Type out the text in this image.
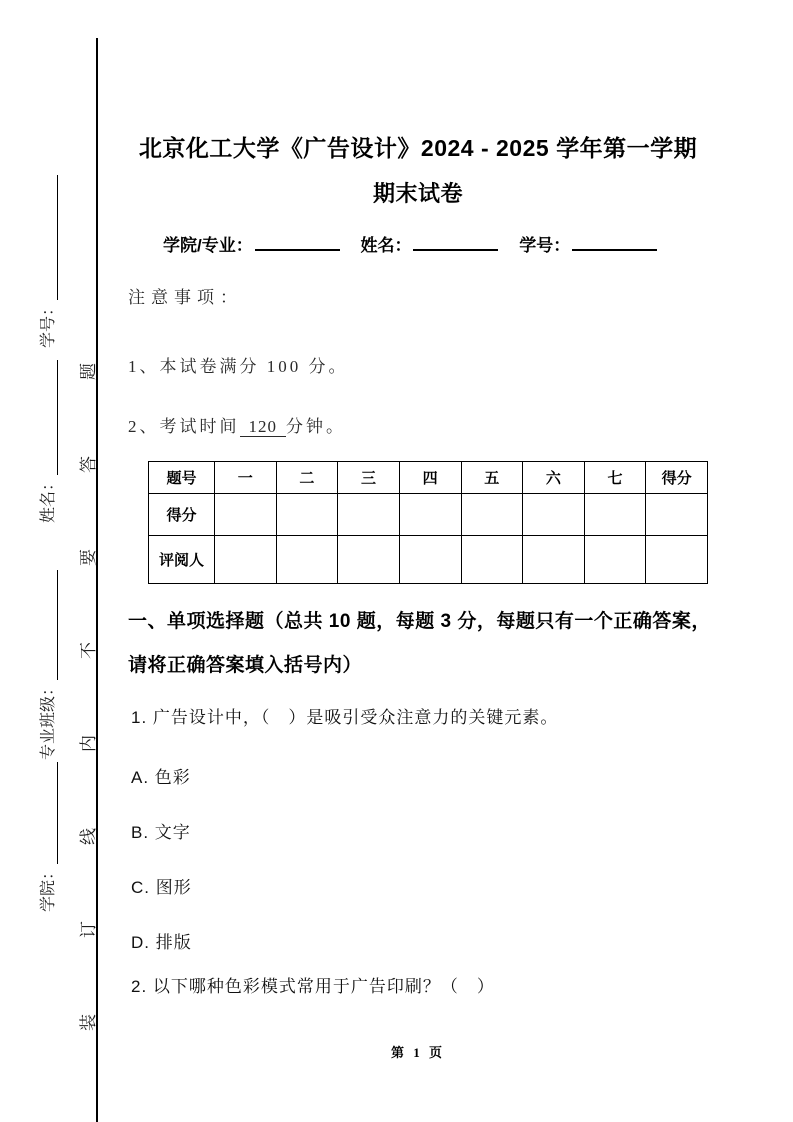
学院：
专业班级：
姓名：
学号： 装订线内不要答题
北京化工大学《广告设计》2024 - 2025 学年第一学期
期末试卷
学院/专业：	姓名：	学号：
注意事项：
1、本试卷满分 100 分。
2、考试时间 120 分钟。
题号	一	二	三	四	五	六	七	得分
得分								
评阅人								
一、单项选择题（总共 10 题，每题 3 分，每题只有一个正确答案，
请将正确答案填入括号内）
1. 广告设计中，（　）是吸引受众注意力的关键元素。
A. 色彩
B. 文字
C. 图形
D. 排版
2. 以下哪种色彩模式常用于广告印刷？（　）
第 1 页
